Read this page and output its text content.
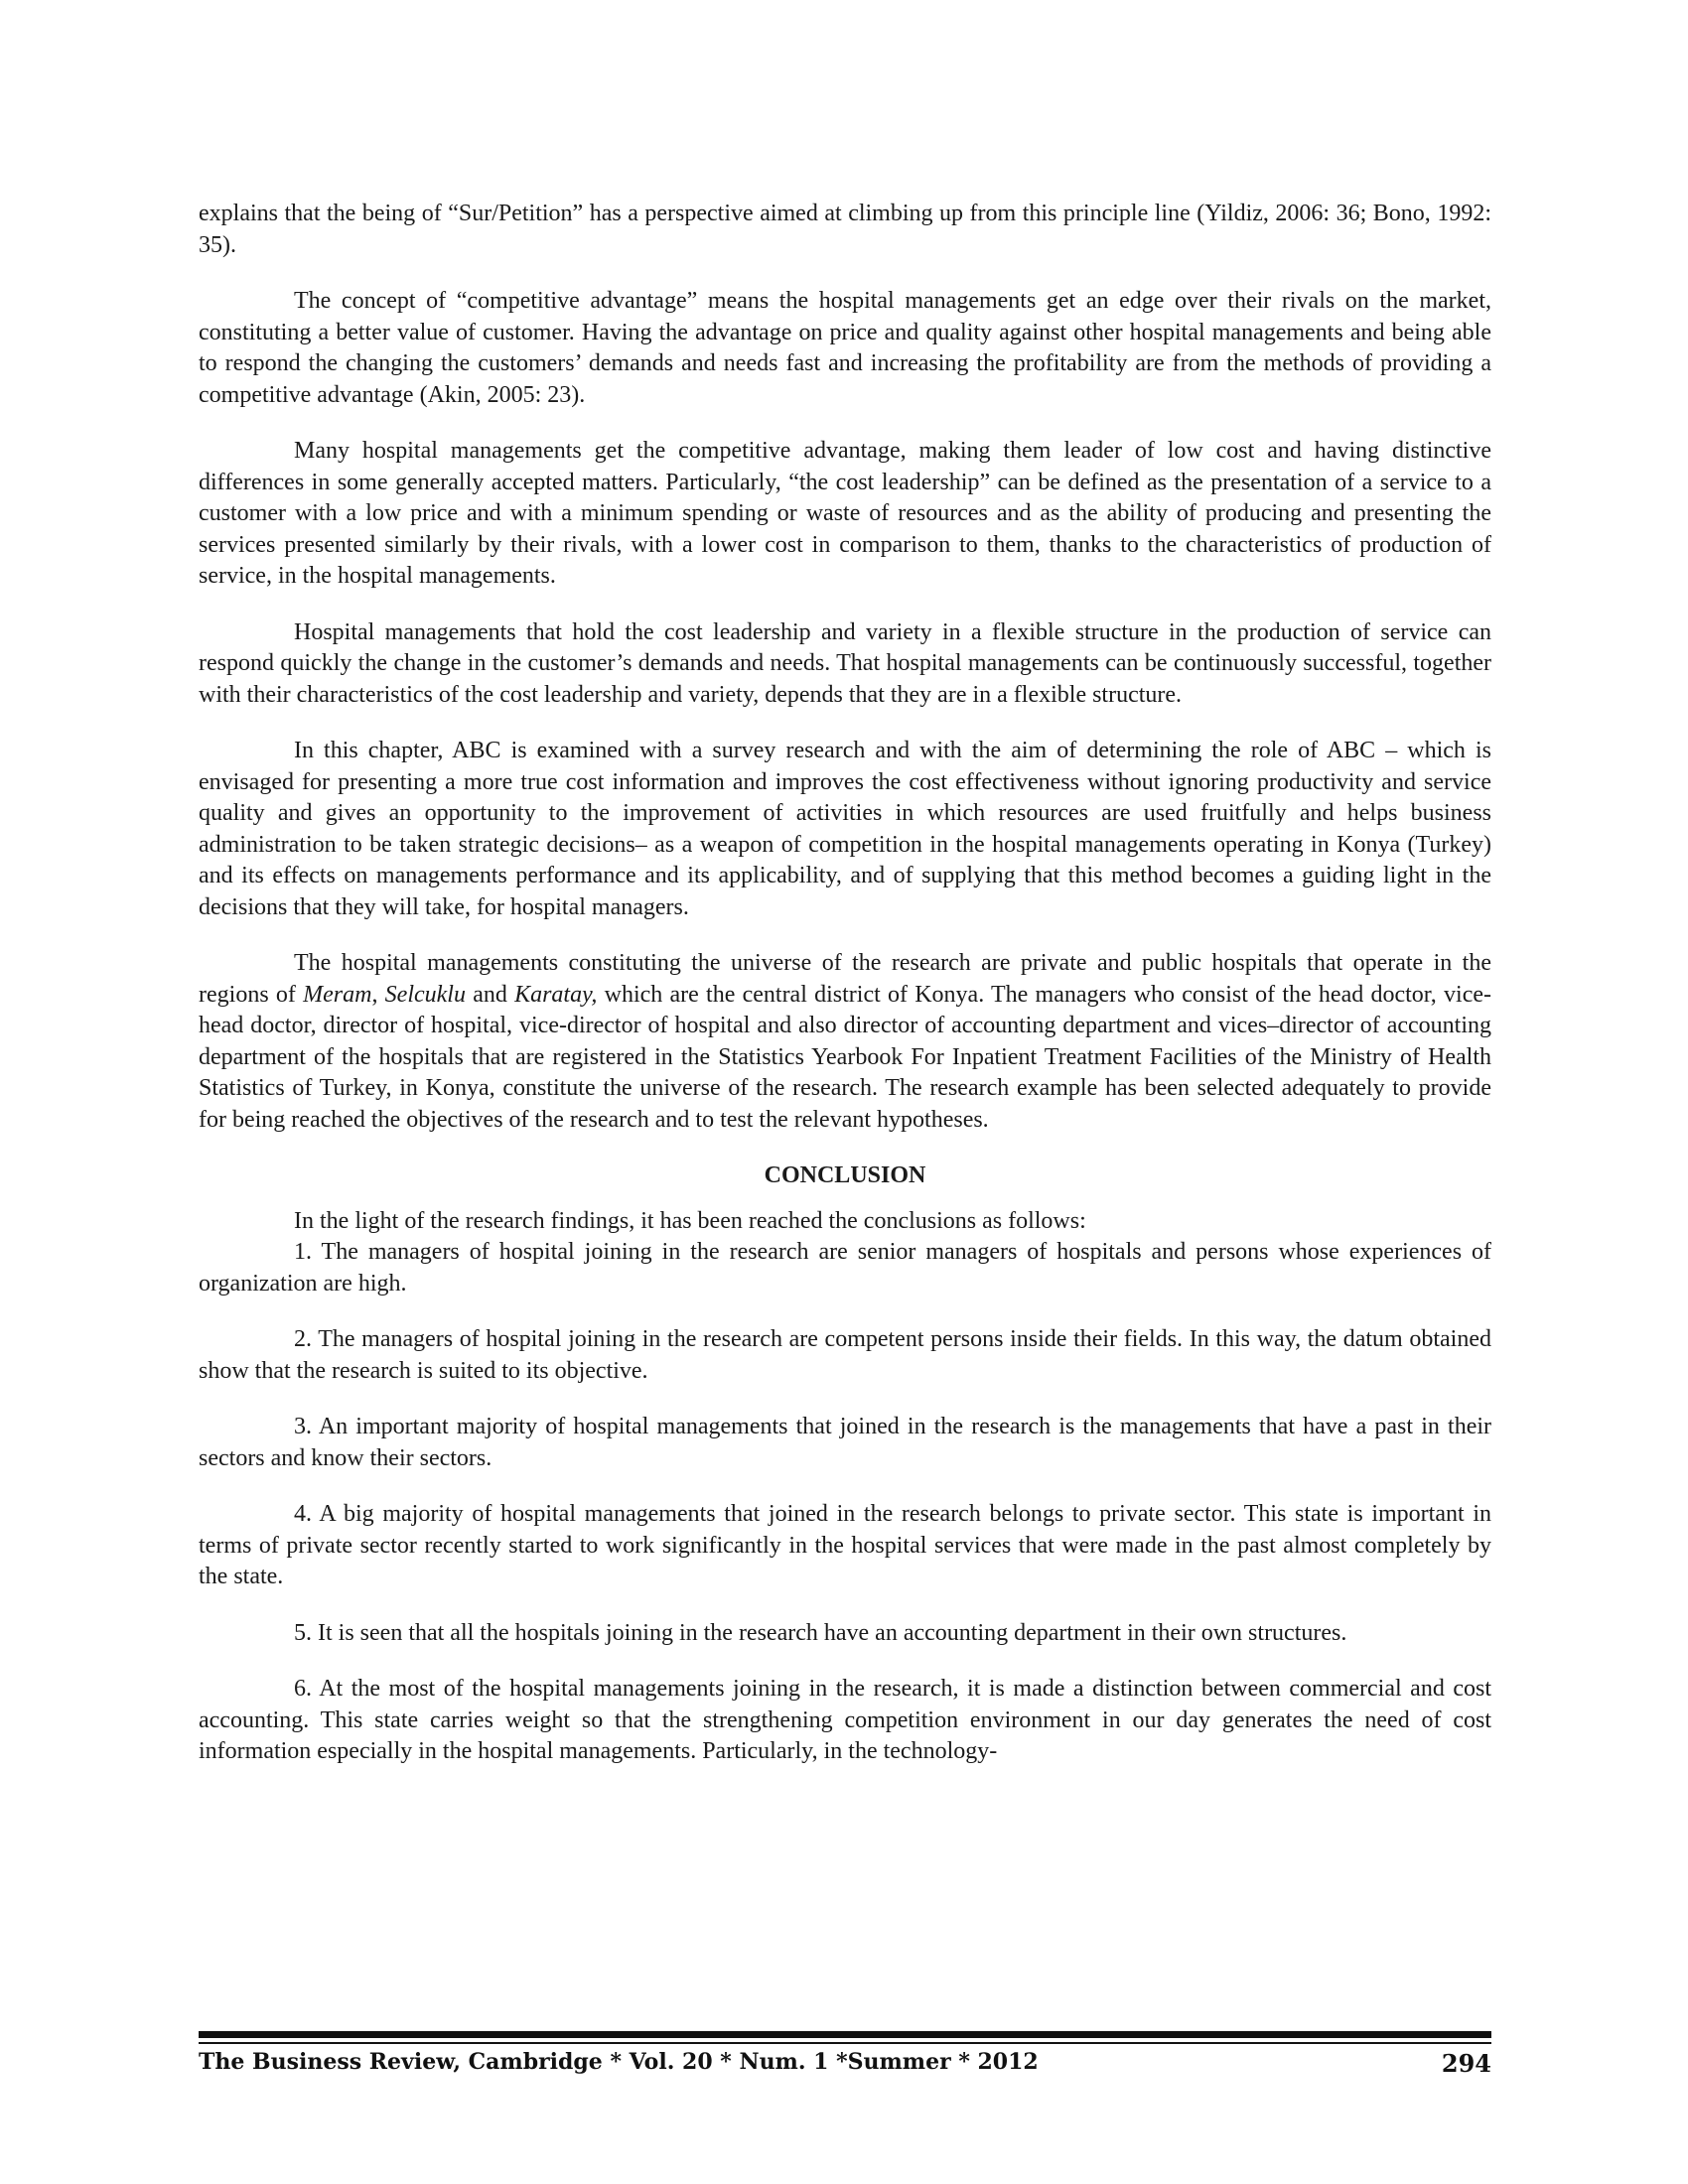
explains that the being of “Sur/Petition” has a perspective aimed at climbing up from this principle line (Yildiz, 2006: 36; Bono, 1992: 35).

The concept of “competitive advantage” means the hospital managements get an edge over their rivals on the market, constituting a better value of customer. Having the advantage on price and quality against other hospital managements and being able to respond the changing the customers’ demands and needs fast and increasing the profitability are from the methods of providing a competitive advantage (Akin, 2005: 23).

Many hospital managements get the competitive advantage, making them leader of low cost and having distinctive differences in some generally accepted matters. Particularly, “the cost leadership” can be defined as the presentation of a service to a customer with a low price and with a minimum spending or waste of resources and as the ability of producing and presenting the services presented similarly by their rivals, with a lower cost in comparison to them, thanks to the characteristics of production of service, in the hospital managements.

Hospital managements that hold the cost leadership and variety in a flexible structure in the production of service can respond quickly the change in the customer’s demands and needs. That hospital managements can be continuously successful, together with their characteristics of the cost leadership and variety, depends that they are in a flexible structure.

In this chapter, ABC is examined with a survey research and with the aim of determining the role of ABC – which is envisaged for presenting a more true cost information and improves the cost effectiveness without ignoring productivity and service quality and gives an opportunity to the improvement of activities in which resources are used fruitfully and helps business administration to be taken strategic decisions– as a weapon of competition in the hospital managements operating in Konya (Turkey) and its effects on managements performance and its applicability, and of supplying that this method becomes a guiding light in the decisions that they will take, for hospital managers.

The hospital managements constituting the universe of the research are private and public hospitals that operate in the regions of Meram, Selcuklu and Karatay, which are the central district of Konya. The managers who consist of the head doctor, vice-head doctor, director of hospital, vice-director of hospital and also director of accounting department and vices–director of accounting department of the hospitals that are registered in the Statistics Yearbook For Inpatient Treatment Facilities of the Ministry of Health Statistics of Turkey, in Konya, constitute the universe of the research. The research example has been selected adequately to provide for being reached the objectives of the research and to test the relevant hypotheses.

CONCLUSION

In the light of the research findings, it has been reached the conclusions as follows:

1. The managers of hospital joining in the research are senior managers of hospitals and persons whose experiences of organization are high.

2. The managers of hospital joining in the research are competent persons inside their fields. In this way, the datum obtained show that the research is suited to its objective.

3. An important majority of hospital managements that joined in the research is the managements that have a past in their sectors and know their sectors.

4. A big majority of hospital managements that joined in the research belongs to private sector. This state is important in terms of private sector recently started to work significantly in the hospital services that were made in the past almost completely by the state.

5. It is seen that all the hospitals joining in the research have an accounting department in their own structures.

6. At the most of the hospital managements joining in the research, it is made a distinction between commercial and cost accounting. This state carries weight so that the strengthening competition environment in our day generates the need of cost information especially in the hospital managements. Particularly, in the technology-

The Business Review, Cambridge * Vol. 20 * Num. 1 *Summer * 2012	294
